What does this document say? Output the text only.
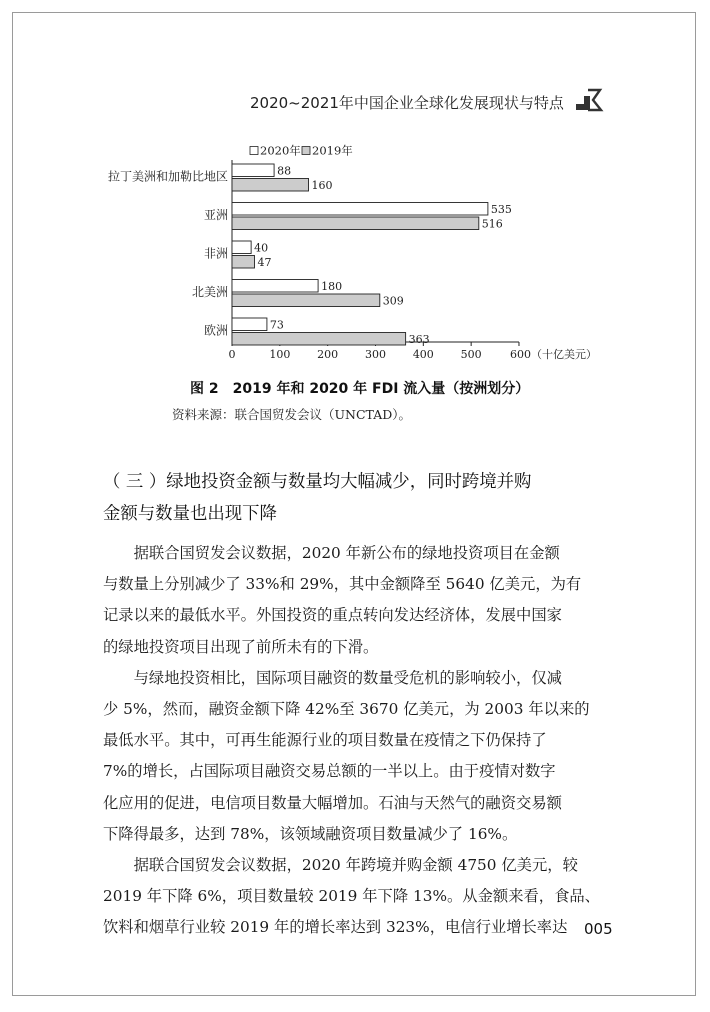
2020~2021年中国企业全球化发展现状与特点
2020年 2019年
0	100 200 300 400 500	600（十亿美元）
拉丁美洲和加勒比地区	88
160
亚洲	535
516
非洲 40
47
北美洲	180
309
欧洲	73
363
图 2　2019 年和 2020 年 FDI 流入量（按洲划分）
资料来源：联合国贸发会议（UNCTAD）。
（ 三 ）绿地投资金额与数量均大幅减少，同时跨境并购
金额与数量也出现下降
　　据联合国贸发会议数据，2020 年新公布的绿地投资项目在金额
与数量上分别减少了 33%和 29%，其中金额降至 5640 亿美元，为有
记录以来的最低水平。外国投资的重点转向发达经济体，发展中国家
的绿地投资项目出现了前所未有的下滑。
　　与绿地投资相比，国际项目融资的数量受危机的影响较小，仅减
少 5%，然而，融资金额下降 42%至 3670 亿美元，为 2003 年以来的
最低水平。其中，可再生能源行业的项目数量在疫情之下仍保持了
7%的增长，占国际项目融资交易总额的一半以上。由于疫情对数字
化应用的促进，电信项目数量大幅增加。石油与天然气的融资交易额
下降得最多，达到 78%，该领域融资项目数量减少了 16%。
　　据联合国贸发会议数据，2020 年跨境并购金额 4750 亿美元，较
2019 年下降 6%，项目数量较 2019 年下降 13%。从金额来看，食品、
饮料和烟草行业较 2019 年的增长率达到 323%，电信行业增长率达	005
